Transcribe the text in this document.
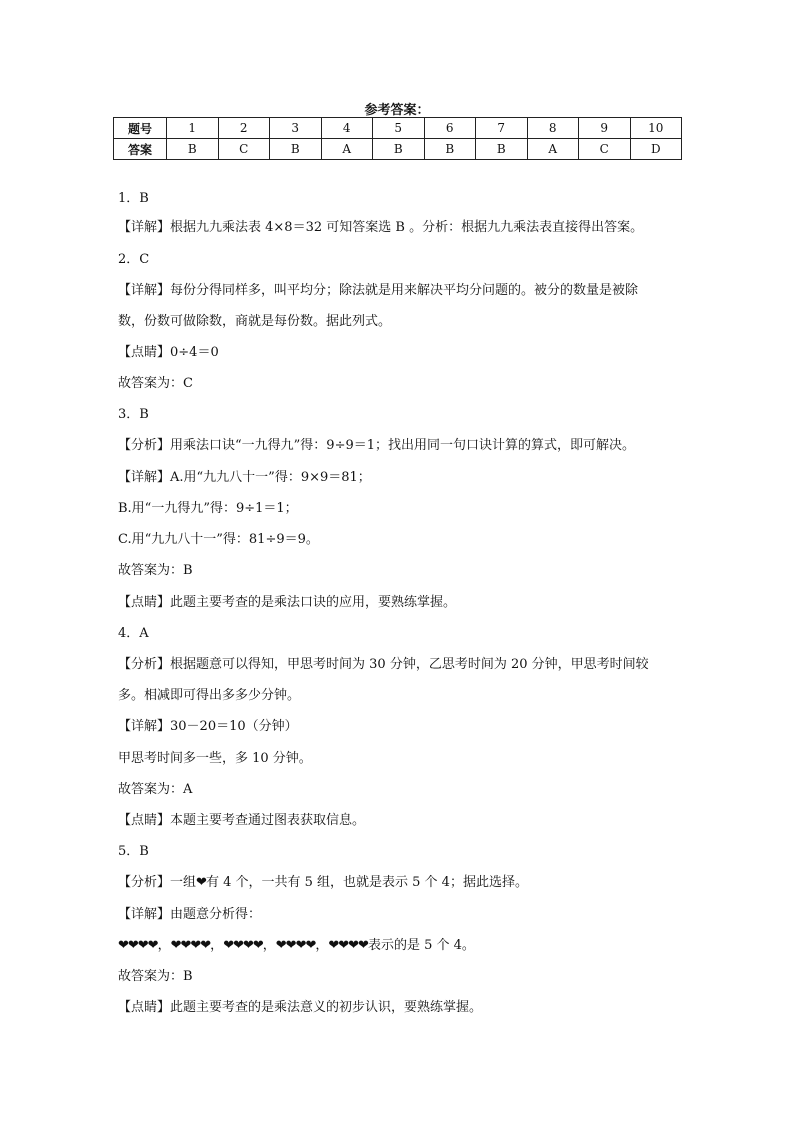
参考答案：
题号	1	2	3	4	5	6	7	8	9	10
答案	B	C	B	A	B	B	B	A	C	D
1．B
【详解】根据九九乘法表 4×8＝32 可知答案选 B 。分析：根据九九乘法表直接得出答案。
2．C
【详解】每份分得同样多，叫平均分；除法就是用来解决平均分问题的。被分的数量是被除
数，份数可做除数，商就是每份数。据此列式。
【点睛】0÷4＝0
故答案为：C
3．B
【分析】用乘法口诀“一九得九”得：9÷9＝1；找出用同一句口诀计算的算式，即可解决。
【详解】A.用“九九八十一”得：9×9＝81；
B.用“一九得九”得：9÷1＝1；
C.用“九九八十一”得：81÷9＝9。
故答案为：B
【点睛】此题主要考查的是乘法口诀的应用，要熟练掌握。
4．A
【分析】根据题意可以得知，甲思考时间为 30 分钟，乙思考时间为 20 分钟，甲思考时间较
多。相减即可得出多多少分钟。
【详解】30－20＝10（分钟）
甲思考时间多一些，多 10 分钟。
故答案为：A
【点睛】本题主要考查通过图表获取信息。
5．B
【分析】一组❤有 4 个，一共有 5 组，也就是表示 5 个 4；据此选择。
【详解】由题意分析得：
❤❤❤❤，❤❤❤❤，❤❤❤❤，❤❤❤❤，❤❤❤❤表示的是 5 个 4。
故答案为：B
【点睛】此题主要考查的是乘法意义的初步认识，要熟练掌握。
